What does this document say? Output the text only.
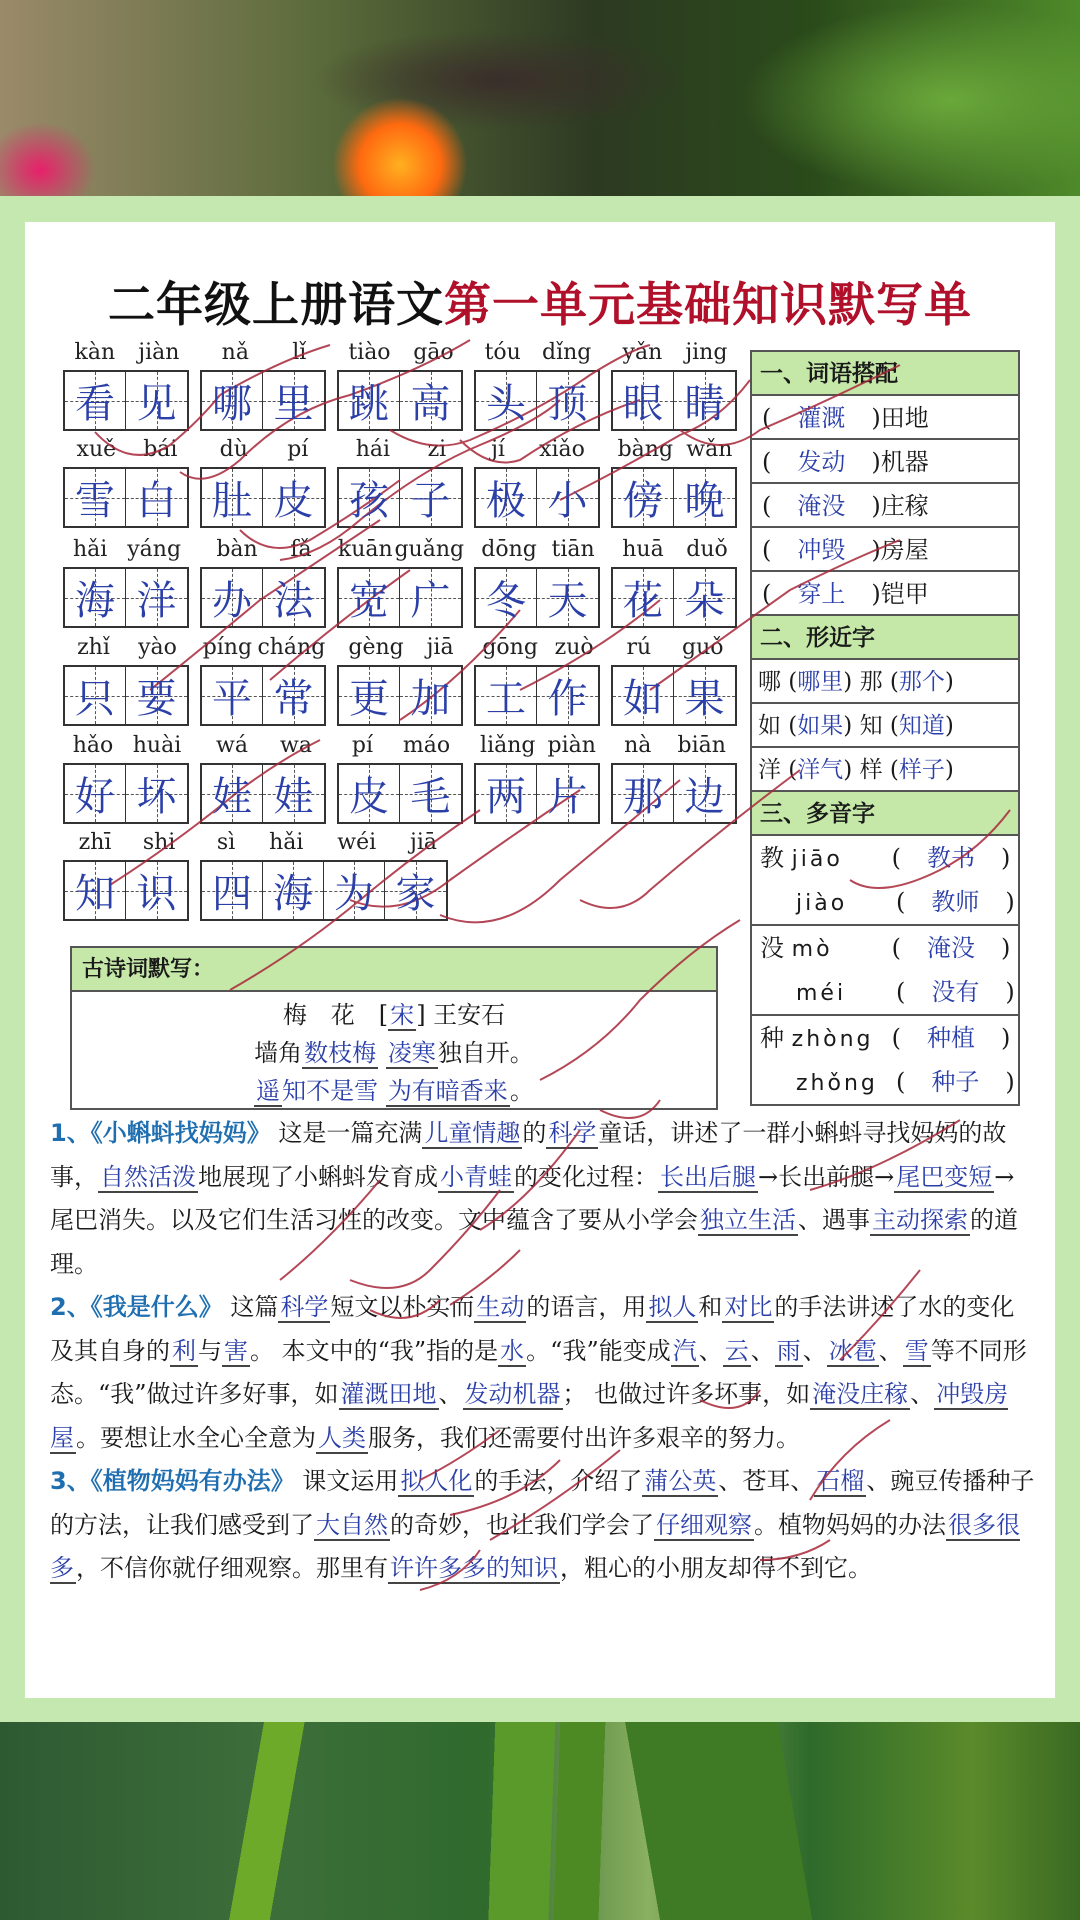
二年级上册语文第一单元基础知识默写单
kàn jiàn
看 见
nǎ lǐ
哪 里
tiào gāo
跳 高
tóu dǐng
头 顶
yǎn jing
眼 睛
xuě bái
雪 白
dù pí
肚 皮
hái zi
孩 子
jí xiǎo
极 小
bàng wǎn
傍 晚
hǎi yáng
海 洋
bàn fǎ
办 法
kuān guǎng
宽 广
dōng tiān
冬 天
huā duǒ
花 朵
zhǐ yào
只 要
píng cháng
平 常
gèng jiā
更 加
gōng zuò
工 作
rú guǒ
如 果
hǎo huài
好 坏
wá wa
娃 娃
pí máo
皮 毛
liǎng piàn
两 片
nà biān
那 边
zhī shi
知 识
sì hǎi wéi jiā
四 海 为 家
古诗词默写：
梅　花　[宋] 王安石
墙角数枝梅 凌寒独自开。
遥知不是雪 为有暗香来。
一、词语搭配
( 灌溉 )田地
( 发动 )机器
( 淹没 )庄稼
( 冲毁 )房屋
( 穿上 )铠甲
二、形近字
哪 (哪里) 那 (那个)
如 (如果) 知 (知道)
洋 (洋气) 样 (样子)
三、多音字
教 jiāo ( 教书 )
jiào ( 教师 )
没 mò ( 淹没 )
méi ( 没有 )
种 zhòng ( 种植 )
zhǒng ( 种子 )

1、《小蝌蚪找妈妈》 这是一篇充满儿童情趣的科学童话，讲述了一群小蝌蚪寻找妈妈的故事，自然活泼地展现了小蝌蚪发育成小青蛙的变化过程：长出后腿→长出前腿→尾巴变短→尾巴消失。以及它们生活习性的改变。文中蕴含了要从小学会独立生活、遇事主动探索的道理。

2、《我是什么》 这篇科学短文以朴实而生动的语言，用拟人和对比的手法讲述了水的变化及其自身的利与害。 本文中的“我”指的是水。“我”能变成汽、云、雨、冰雹、雪等不同形态。“我”做过许多好事，如灌溉田地、发动机器； 也做过许多坏事，如淹没庄稼、冲毁房屋。要想让水全心全意为人类服务，我们还需要付出许多艰辛的努力。

3、《植物妈妈有办法》 课文运用拟人化的手法，介绍了蒲公英、苍耳、石榴、豌豆传播种子的方法，让我们感受到了大自然的奇妙，也让我们学会了仔细观察。植物妈妈的办法很多很多，不信你就仔细观察。那里有许许多多的知识，粗心的小朋友却得不到它。
